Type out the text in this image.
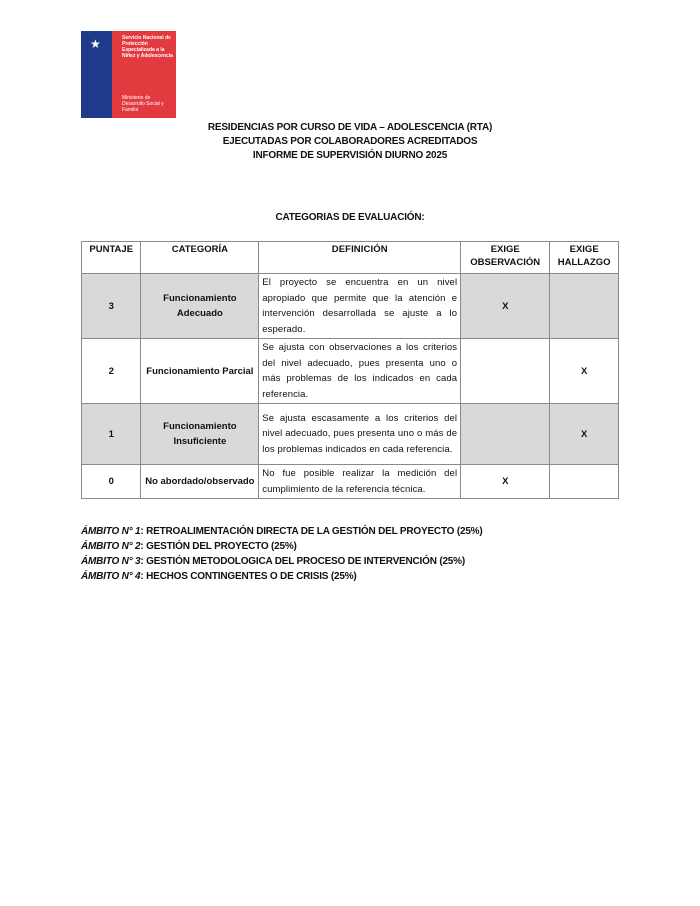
★	Servicio Nacional de Protección Especializada a la Niñez y Adolescencia
Ministerio de Desarrollo Social y Familia
RESIDENCIAS POR CURSO DE VIDA – ADOLESCENCIA (RTA)
EJECUTADAS POR COLABORADORES ACREDITADOS
INFORME DE SUPERVISIÓN DIURNO 2025
CATEGORIAS DE EVALUACIÓN:
PUNTAJE	CATEGORÍA	DEFINICIÓN	EXIGE OBSERVACIÓN	EXIGE HALLAZGO
3	Funcionamiento Adecuado	El proyecto se encuentra en un nivel apropiado que permite que la atención e intervención desarrollada se ajuste a lo esperado.	X	
2	Funcionamiento Parcial	Se ajusta con observaciones a los criterios del nivel adecuado, pues presenta uno o más problemas de los indicados en cada referencia.		X
1	Funcionamiento Insuficiente	Se ajusta escasamente a los criterios del nivel adecuado, pues presenta uno o más de los problemas indicados en cada referencia.		X
0	No abordado/observado	No fue posible realizar la medición del cumplimiento de la referencia técnica.	X	
ÁMBITO N° 1: RETROALIMENTACIÓN DIRECTA DE LA GESTIÓN DEL PROYECTO (25%)
ÁMBITO N° 2: GESTIÓN DEL PROYECTO (25%)
ÁMBITO N° 3: GESTIÓN METODOLOGICA DEL PROCESO DE INTERVENCIÓN (25%)
ÁMBITO N° 4: HECHOS CONTINGENTES O DE CRISIS (25%)
